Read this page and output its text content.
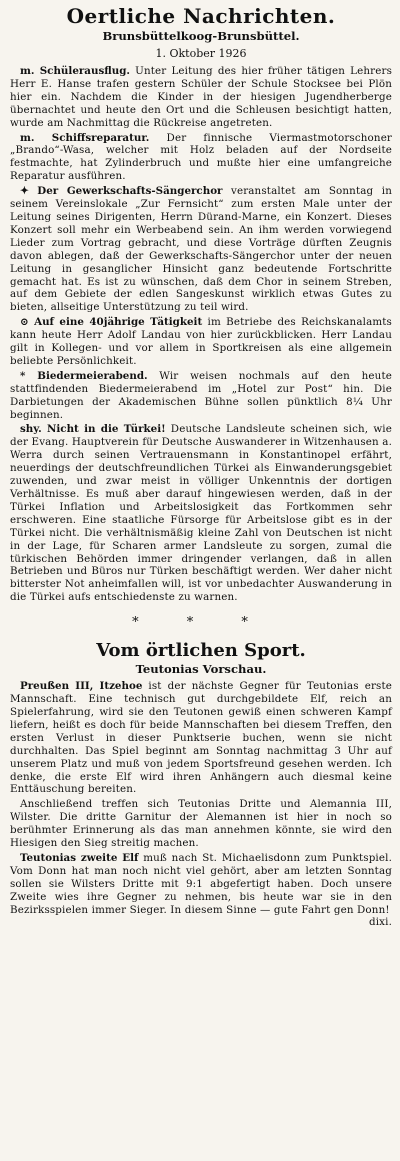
Oertliche Nachrichten.
Brunsbüttelkoog-Brunsbüttel.
1. Oktober 1926

m. Schülerausflug. Unter Leitung des hier früher tätigen Lehrers Herr E. Hanse trafen gestern Schüler der Schule Stocksee bei Plön hier ein. Nachdem die Kinder in der hiesigen Jugendherberge übernachtet und heute den Ort und die Schleusen besichtigt hatten, wurde am Nachmittag die Rückreise angetreten.

m. Schiffsreparatur. Der finnische Viermastmotorschoner „Brando“-Wasa, welcher mit Holz beladen auf der Nordseite festmachte, hat Zylinderbruch und mußte hier eine umfangreiche Reparatur ausführen.

✦ Der Gewerkschafts-Sängerchor veranstaltet am Sonntag in seinem Vereinslokale „Zur Fernsicht“ zum ersten Male unter der Leitung seines Dirigenten, Herrn Dürand-Marne, ein Konzert. Dieses Konzert soll mehr ein Werbeabend sein. An ihm werden vorwiegend Lieder zum Vortrag gebracht, und diese Vorträge dürften Zeugnis davon ablegen, daß der Gewerkschafts-Sängerchor unter der neuen Leitung in gesanglicher Hinsicht ganz bedeutende Fortschritte gemacht hat. Es ist zu wünschen, daß dem Chor in seinem Streben, auf dem Gebiete der edlen Sangeskunst wirklich etwas Gutes zu bieten, allseitige Unterstützung zu teil wird.

⊙ Auf eine 40jährige Tätigkeit im Betriebe des Reichskanalamts kann heute Herr Adolf Landau von hier zurückblicken. Herr Landau gilt in Kollegen- und vor allem in Sportkreisen als eine allgemein beliebte Persönlichkeit.

* Biedermeierabend. Wir weisen nochmals auf den heute stattfindenden Biedermeierabend im „Hotel zur Post“ hin. Die Darbietungen der Akademischen Bühne sollen pünktlich 8¼ Uhr beginnen.

shy. Nicht in die Türkei! Deutsche Landsleute scheinen sich, wie der Evang. Hauptverein für Deutsche Auswanderer in Witzenhausen a. Werra durch seinen Vertrauensmann in Konstantinopel erfährt, neuerdings der deutschfreundlichen Türkei als Einwanderungsgebiet zuwenden, und zwar meist in völliger Unkenntnis der dortigen Verhältnisse. Es muß aber darauf hingewiesen werden, daß in der Türkei Inflation und Arbeitslosigkeit das Fortkommen sehr erschweren. Eine staatliche Fürsorge für Arbeitslose gibt es in der Türkei nicht. Die verhältnismäßig kleine Zahl von Deutschen ist nicht in der Lage, für Scharen armer Landsleute zu sorgen, zumal die türkischen Behörden immer dringender verlangen, daß in allen Betrieben und Büros nur Türken beschäftigt werden. Wer daher nicht bitterster Not anheimfallen will, ist vor unbedachter Auswanderung in die Türkei aufs entschiedenste zu warnen.

* * *
Vom örtlichen Sport.
Teutonias Vorschau.

Preußen III, Itzehoe ist der nächste Gegner für Teutonias erste Mannschaft. Eine technisch gut durchgebildete Elf, reich an Spielerfahrung, wird sie den Teutonen gewiß einen schweren Kampf liefern, heißt es doch für beide Mannschaften bei diesem Treffen, den ersten Verlust in dieser Punktserie buchen, wenn sie nicht durchhalten. Das Spiel beginnt am Sonntag nachmittag 3 Uhr auf unserem Platz und muß von jedem Sportsfreund gesehen werden. Ich denke, die erste Elf wird ihren Anhängern auch diesmal keine Enttäuschung bereiten.

Anschließend treffen sich Teutonias Dritte und Alemannia III, Wilster. Die dritte Garnitur der Alemannen ist hier in noch so berühmter Erinnerung als das man annehmen könnte, sie wird den Hiesigen den Sieg streitig machen.

Teutonias zweite Elf muß nach St. Michaelisdonn zum Punktspiel. Vom Donn hat man noch nicht viel gehört, aber am letzten Sonntag sollen sie Wilsters Dritte mit 9:1 abgefertigt haben. Doch unsere Zweite wies ihre Gegner zu nehmen, bis heute war sie in den Bezirksspielen immer Sieger. In diesem Sinne — gute Fahrt gen Donn!
dixi.
